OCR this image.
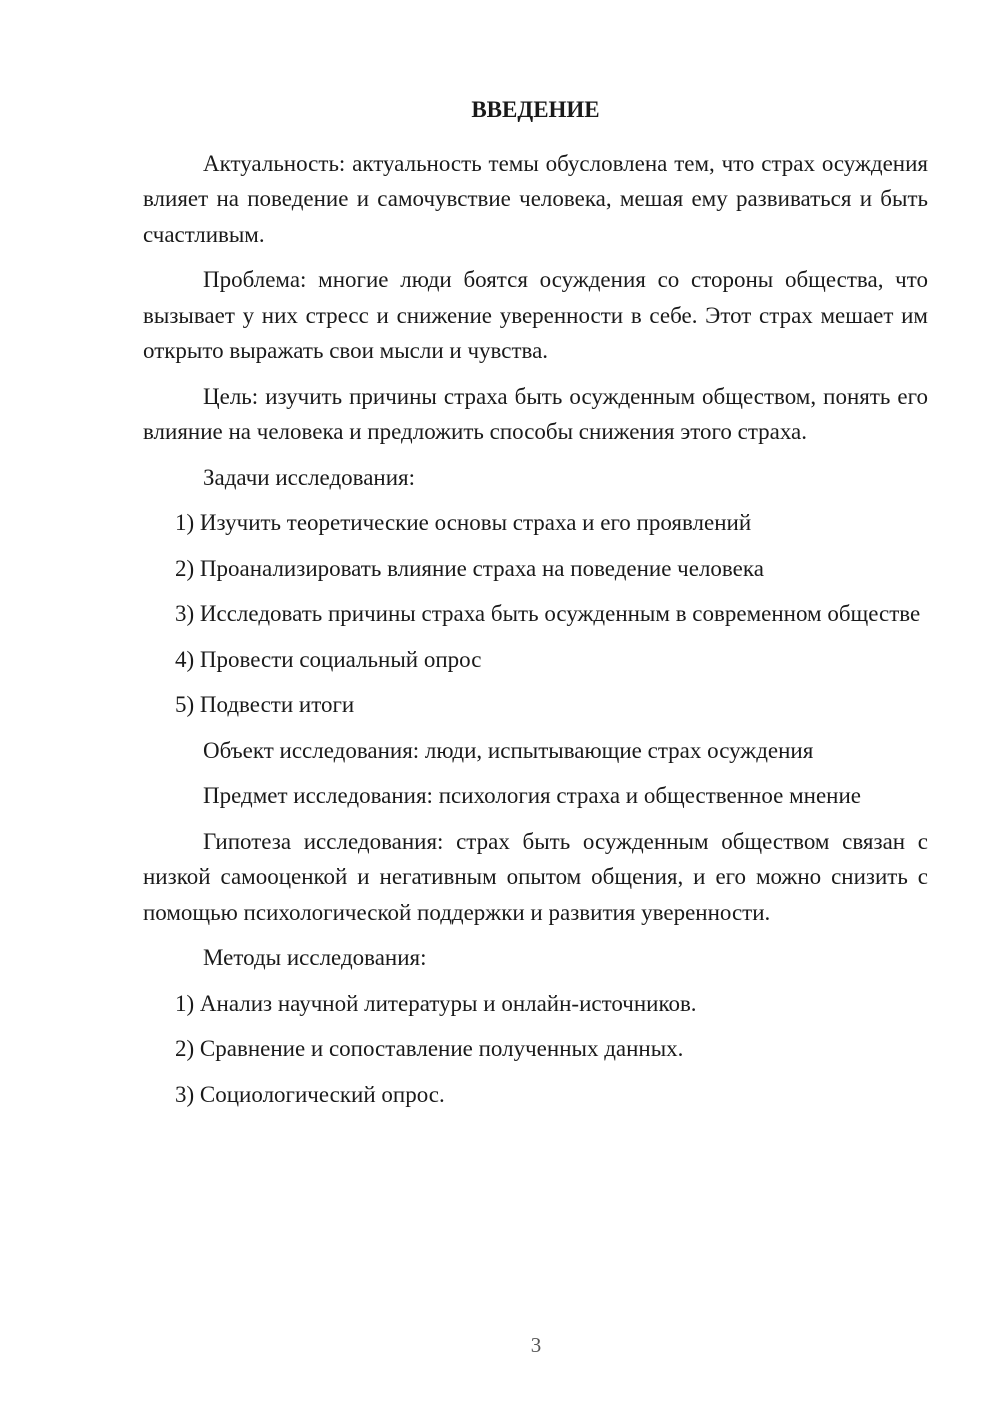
ВВЕДЕНИЕ

Актуальность: актуальность темы обусловлена тем, что страх осуждения влияет на поведение и самочувствие человека, мешая ему развиваться и быть счастливым.

Проблема: многие люди боятся осуждения со стороны общества, что вызывает у них стресс и снижение уверенности в себе. Этот страх мешает им открыто выражать свои мысли и чувства.

Цель: изучить причины страха быть осужденным обществом, понять его влияние на человека и предложить способы снижения этого страха.

Задачи исследования:

1) Изучить теоретические основы страха и его проявлений

2) Проанализировать влияние страха на поведение человека

3) Исследовать причины страха быть осужденным в современном обществе

4) Провести социальный опрос

5) Подвести итоги

Объект исследования: люди, испытывающие страх осуждения

Предмет исследования: психология страха и общественное мнение

Гипотеза исследования: страх быть осужденным обществом связан с низкой самооценкой и негативным опытом общения, и его можно снизить с помощью психологической поддержки и развития уверенности.

Методы исследования:

1) Анализ научной литературы и онлайн-источников.

2) Сравнение и сопоставление полученных данных.

3) Социологический опрос.

3
